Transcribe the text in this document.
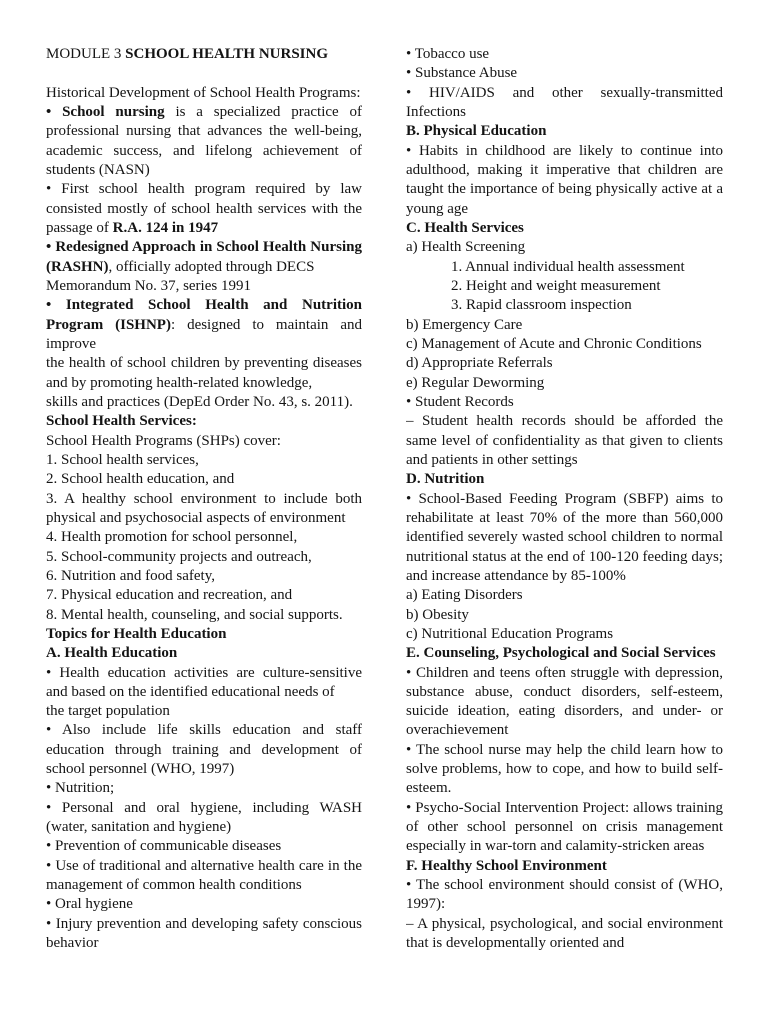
MODULE 3 SCHOOL HEALTH NURSING

Historical Development of School Health Programs:

• School nursing is a specialized practice of professional nursing that advances the well-being, academic success, and lifelong achievement of students (NASN)

• First school health program required by law consisted mostly of school health services with the passage of R.A. 124 in 1947

• Redesigned Approach in School Health Nursing (RASHN), officially adopted through DECS

Memorandum No. 37, series 1991

• Integrated School Health and Nutrition Program (ISHNP): designed to maintain and improve

the health of school children by preventing diseases and by promoting health-related knowledge,

skills and practices (DepEd Order No. 43, s. 2011).

School Health Services:

School Health Programs (SHPs) cover:

1. School health services,

2. School health education, and

3. A healthy school environment to include both physical and psychosocial aspects of environment

4. Health promotion for school personnel,

5. School-community projects and outreach,

6. Nutrition and food safety,

7. Physical education and recreation, and

8. Mental health, counseling, and social supports.

Topics for Health Education

A. Health Education

• Health education activities are culture-sensitive and based on the identified educational needs of

the target population

• Also include life skills education and staff education through training and development of school personnel (WHO, 1997)

• Nutrition;

• Personal and oral hygiene, including WASH (water, sanitation and hygiene)

• Prevention of communicable diseases

• Use of traditional and alternative health care in the management of common health conditions

• Oral hygiene

• Injury prevention and developing safety conscious behavior

• Tobacco use

• Substance Abuse

• HIV/AIDS and other sexually-transmitted Infections

B. Physical Education

• Habits in childhood are likely to continue into adulthood, making it imperative that children are taught the importance of being physically active at a young age

C. Health Services

a) Health Screening

1. Annual individual health assessment

2. Height and weight measurement

3. Rapid classroom inspection

b) Emergency Care

c) Management of Acute and Chronic Conditions

d) Appropriate Referrals

e) Regular Deworming

• Student Records

– Student health records should be afforded the same level of confidentiality as that given to clients and patients in other settings

D. Nutrition

• School-Based Feeding Program (SBFP) aims to rehabilitate at least 70% of the more than 560,000 identified severely wasted school children to normal nutritional status at the end of 100-120 feeding days; and increase attendance by 85-100%

a) Eating Disorders

b) Obesity

c) Nutritional Education Programs

E. Counseling, Psychological and Social Services

• Children and teens often struggle with depression, substance abuse, conduct disorders, self-esteem, suicide ideation, eating disorders, and under- or overachievement

• The school nurse may help the child learn how to solve problems, how to cope, and how to build self-esteem.

• Psycho-Social Intervention Project: allows training of other school personnel on crisis management especially in war-torn and calamity-stricken areas

F. Healthy School Environment

• The school environment should consist of (WHO, 1997):

– A physical, psychological, and social environment that is developmentally oriented and
